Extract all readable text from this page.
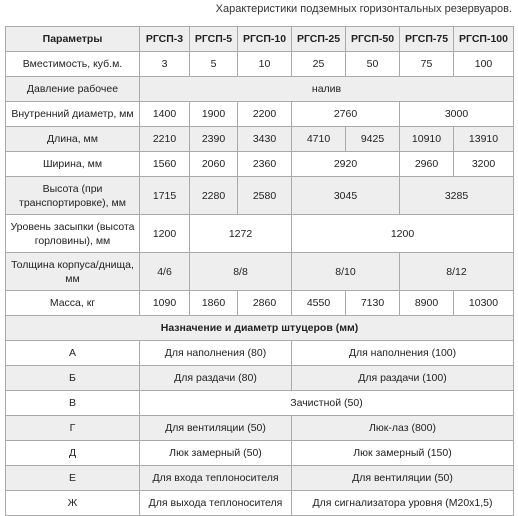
Характеристики подземных горизонтальных резервуаров.
Параметры	РГСП-3	РГСП-5	РГСП-10	РГСП-25	РГСП-50	РГСП-75	РГСП-100
Вместимость, куб.м.	3	5	10	25	50	75	100
Давление рабочее	налив						
Внутренний диаметр, мм	1400	1900	2200	2760		3000	
Длина, мм	2210	2390	3430	4710	9425	10910	13910
Ширина, мм	1560	2060	2360	2920		2960	3200
Высота (при транспортировке), мм	1715	2280	2580	3045		3285	
Уровень засыпки (высота горловины), мм	1200	1272		1200			
Толщина корпуса/днища, мм	4/6	8/8		8/10		8/12	
Масса, кг	1090	1860	2860	4550	7130	8900	10300
Назначение и диаметр штуцеров (мм)							
А	Для наполнения (80)			Для наполнения (100)			
Б	Для раздачи (80)			Для раздачи (100)			
В	Зачистной (50)						
Г	Для вентиляции (50)			Люк-лаз (800)			
Д	Люк замерный (50)			Люк замерный (150)			
Е	Для входа теплоносителя			Для вентиляции (50)			
Ж	Для выхода теплоносителя			Для сигнализатора уровня (М20х1,5)			
